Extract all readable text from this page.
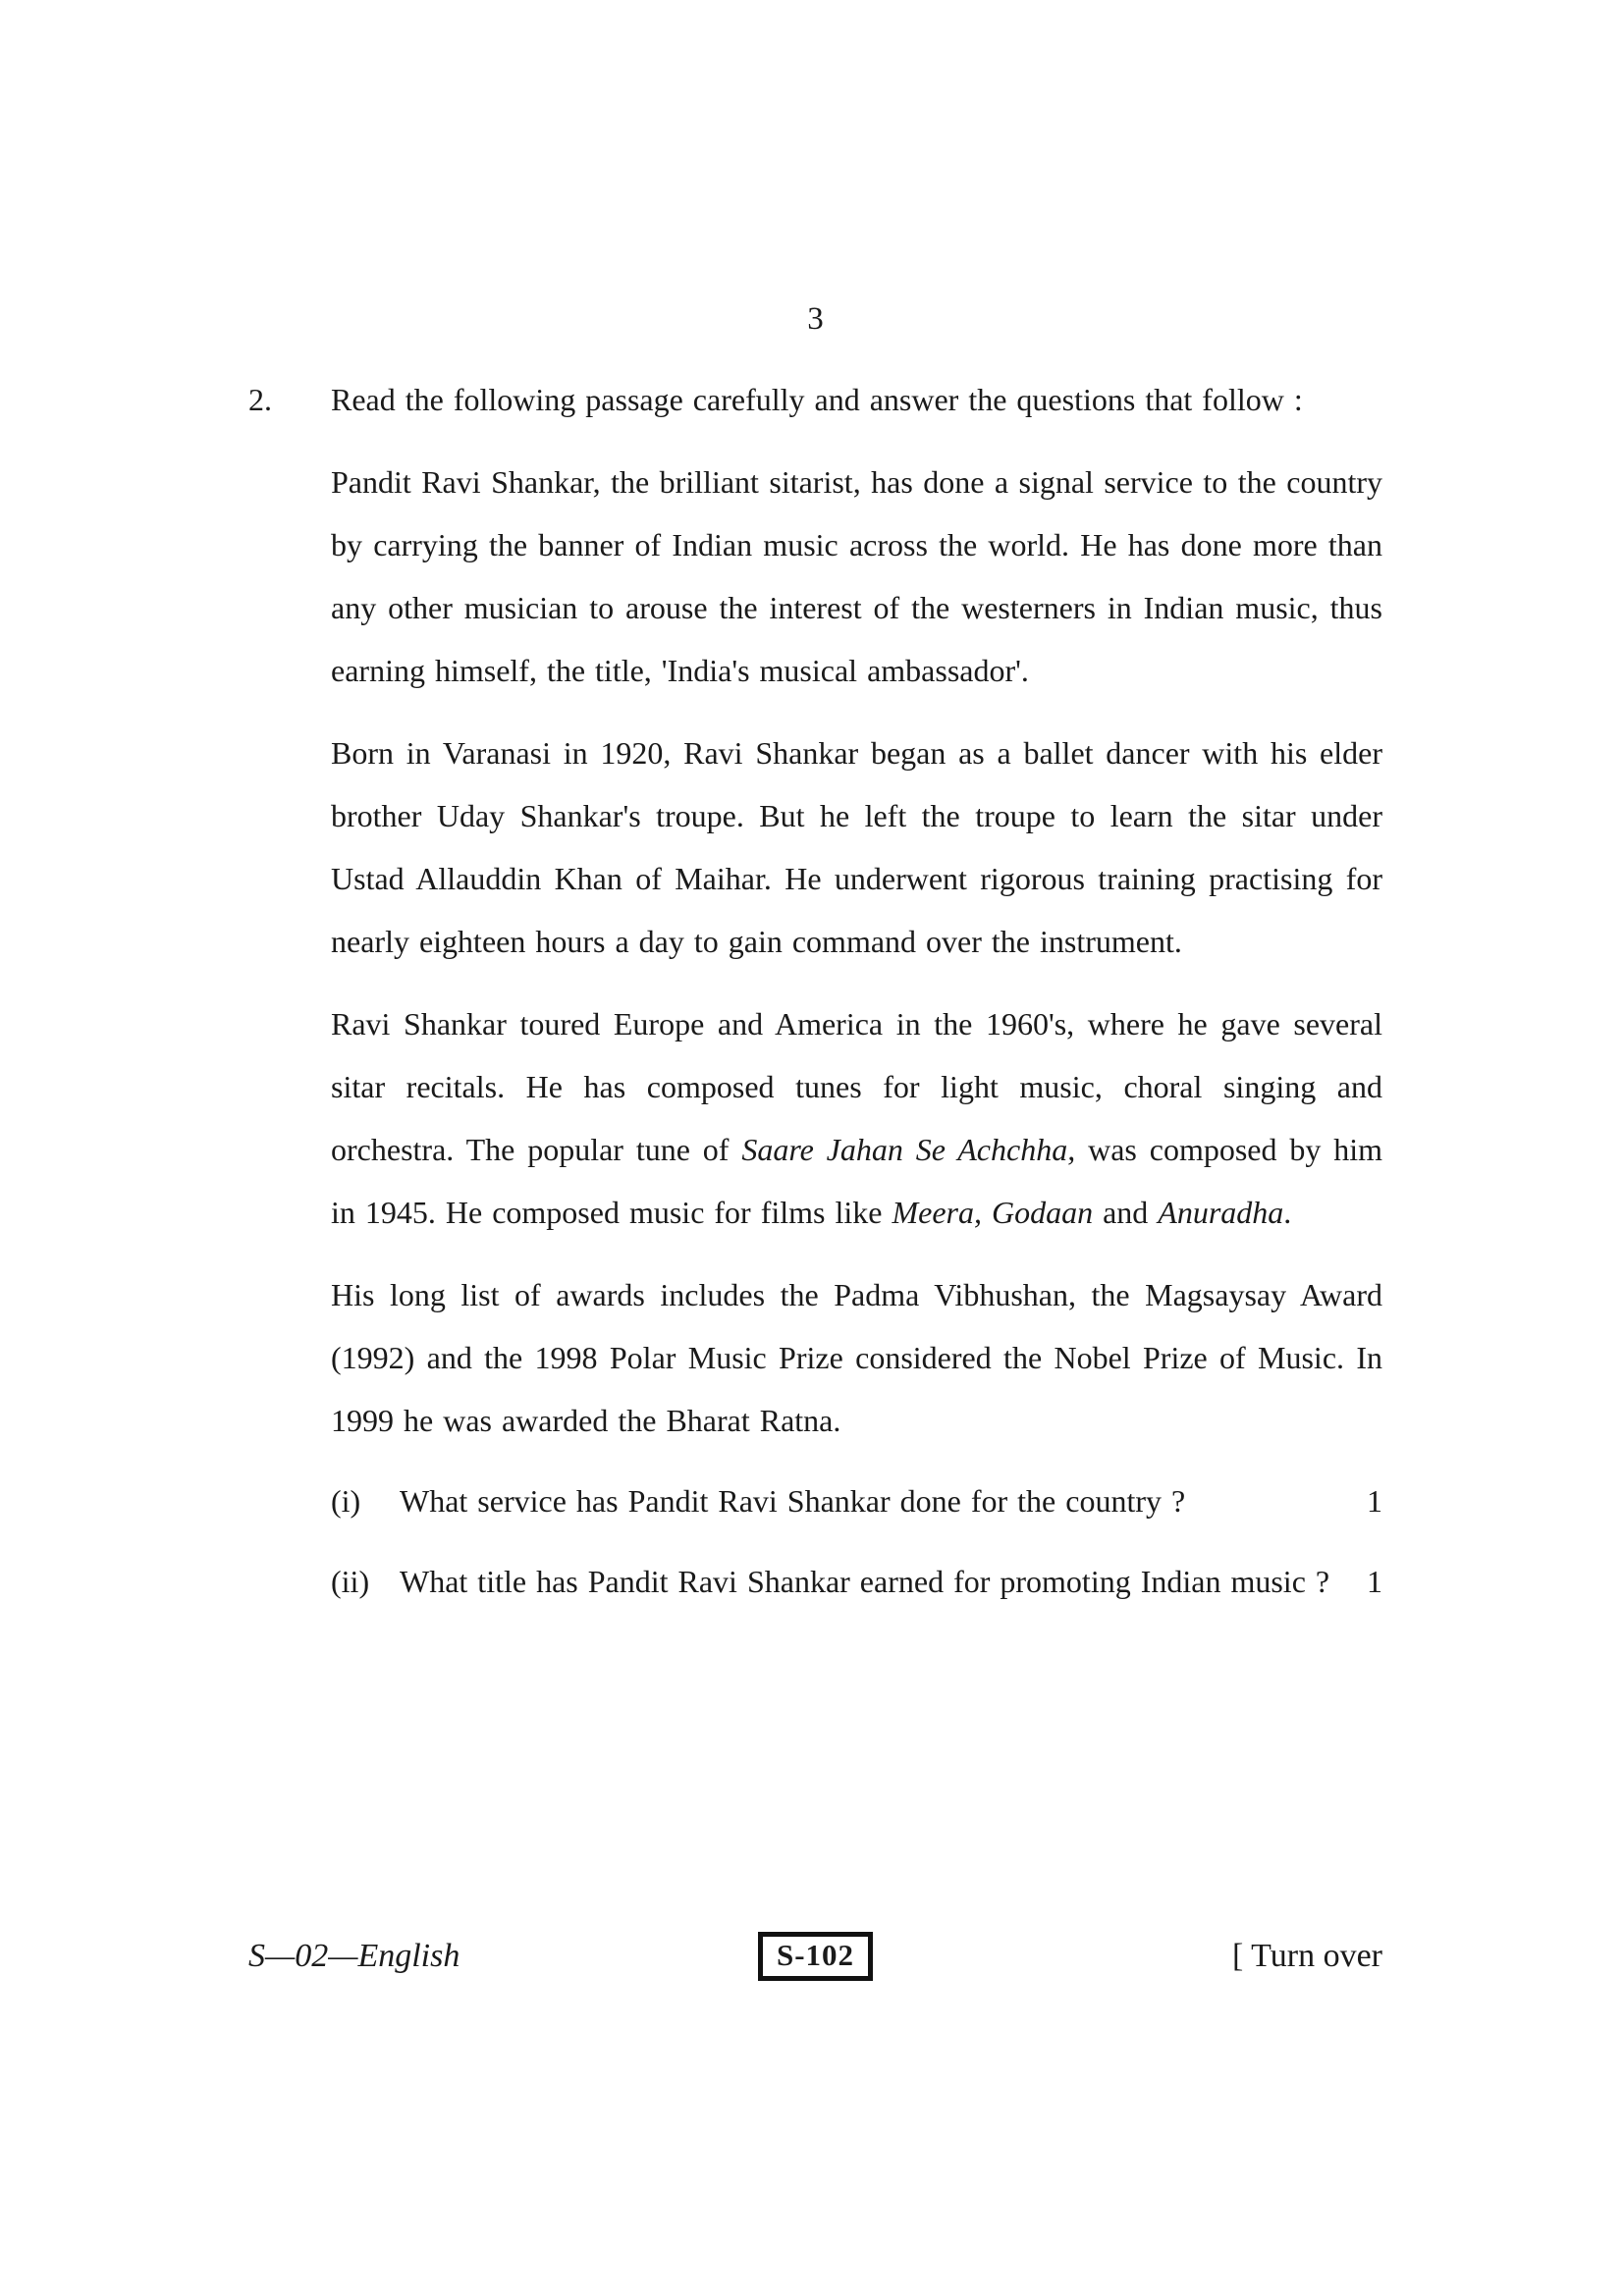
3
2.	Read the following passage carefully and answer the questions that follow :

Pandit Ravi Shankar, the brilliant sitarist, has done a signal service to the country by carrying the banner of Indian music across the world. He has done more than any other musician to arouse the interest of the westerners in Indian music, thus earning himself, the title, 'India's musical ambassador'.

Born in Varanasi in 1920, Ravi Shankar began as a ballet dancer with his elder brother Uday Shankar's troupe. But he left the troupe to learn the sitar under Ustad Allauddin Khan of Maihar. He underwent rigorous training practising for nearly eighteen hours a day to gain command over the instrument.

Ravi Shankar toured Europe and America in the 1960's, where he gave several sitar recitals. He has composed tunes for light music, choral singing and orchestra. The popular tune of Saare Jahan Se Achchha, was composed by him in 1945. He composed music for films like Meera, Godaan and Anuradha.

His long list of awards includes the Padma Vibhushan, the Magsaysay Award (1992) and the 1998 Polar Music Prize considered the Nobel Prize of Music. In 1999 he was awarded the Bharat Ratna.

(i)	What service has Pandit Ravi Shankar done for the country ?	1
(ii) What title has Pandit Ravi Shankar earned for promoting Indian music ?	1
S—02—English	S-102	[ Turn over
